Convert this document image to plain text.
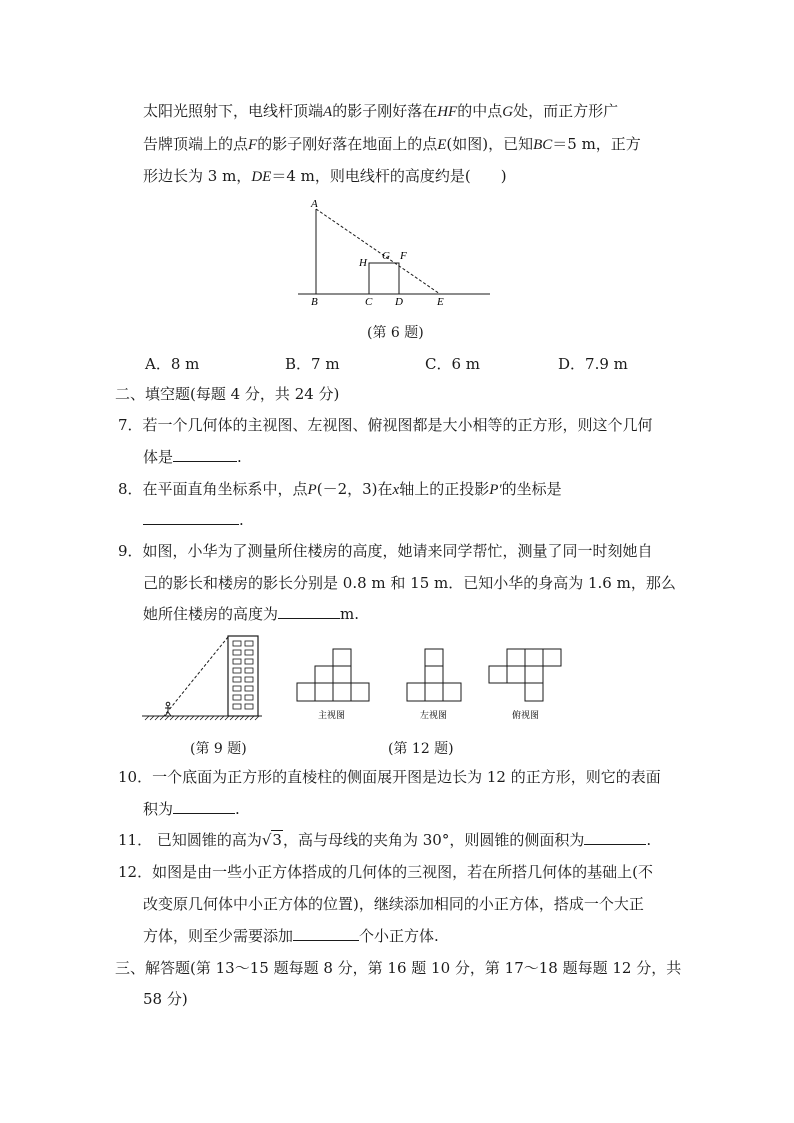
太阳光照射下，电线杆顶端A的影子刚好落在HF的中点G处，而正方形广
告牌顶端上的点F的影子刚好落在地面上的点E(如图)，已知BC＝5 m，正方
形边长为 3 m，DE＝4 m，则电线杆的高度约是(　　)
A
H
G F
B	C D	E
(第 6 题)
A．8 m	B．7 m	C．6 m	D．7.9 m
二、填空题(每题 4 分，共 24 分)
7．若一个几何体的主视图、左视图、俯视图都是大小相等的正方形，则这个几何
体是	.
8．在平面直角坐标系中，点P(－2，3)在x轴上的正投影P′的坐标是
.
9．如图，小华为了测量所住楼房的高度，她请来同学帮忙，测量了同一时刻她自
己的影长和楼房的影长分别是 0.8 m 和 15 m．已知小华的身高为 1.6 m，那么
她所住楼房的高度为	m.
(第 9 题)
主视图	左视图	俯视图
(第 12 题)
10．一个底面为正方形的直棱柱的侧面展开图是边长为 12 的正方形，则它的表面
积为	.
11． 已知圆锥的高为√3，高与母线的夹角为 30°，则圆锥的侧面积为	.
12．如图是由一些小正方体搭成的几何体的三视图，若在所搭几何体的基础上(不
改变原几何体中小正方体的位置)，继续添加相同的小正方体，搭成一个大正
方体，则至少需要添加	个小正方体.
三、解答题(第 13～15 题每题 8 分，第 16 题 10 分，第 17～18 题每题 12 分，共
58 分)
